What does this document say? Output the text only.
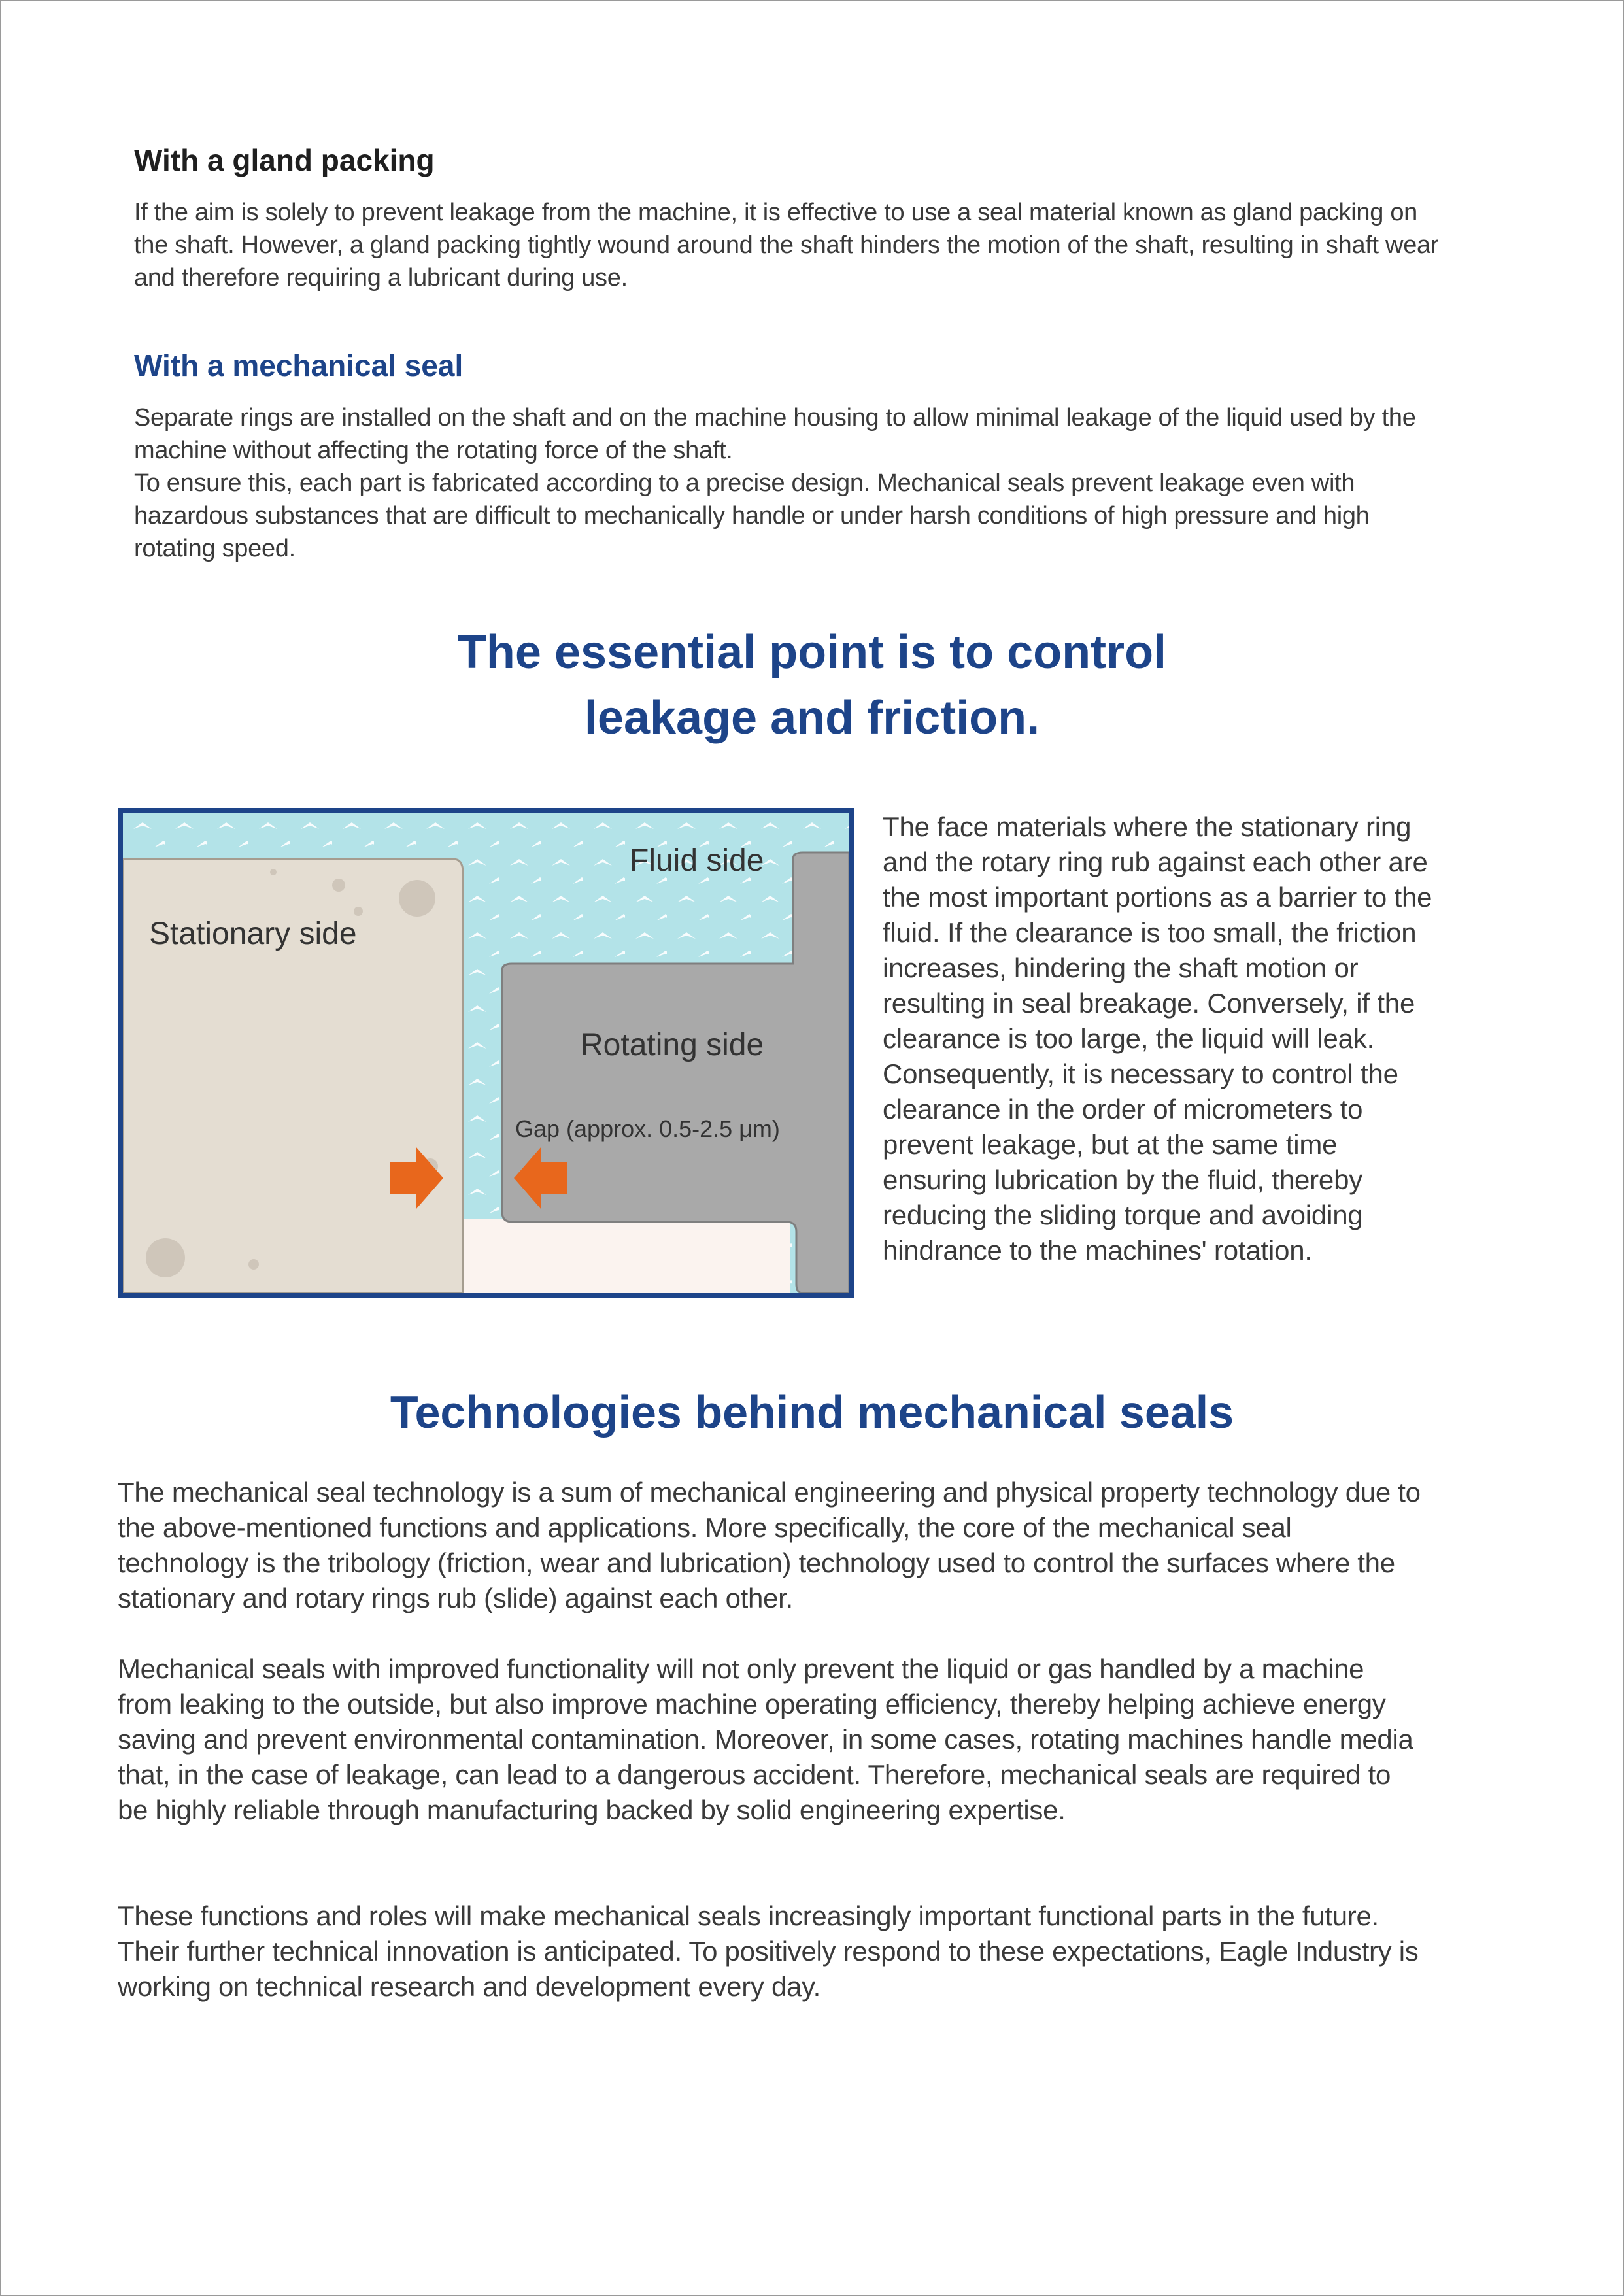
With a gland packing

If the aim is solely to prevent leakage from the machine, it is effective to use a seal material known as gland packing on the shaft. However, a gland packing tightly wound around the shaft hinders the motion of the shaft, resulting in shaft wear and therefore requiring a lubricant during use.

With a mechanical seal

Separate rings are installed on the shaft and on the machine housing to allow minimal leakage of the liquid used by the machine without affecting the rotating force of the shaft.

To ensure this, each part is fabricated according to a precise design. Mechanical seals prevent leakage even with hazardous substances that are difficult to mechanically handle or under harsh conditions of high pressure and high rotating speed.

The essential point is to control
leakage and friction.
Fluid side
Stationary side
Rotating side
Gap (approx. 0.5-2.5 μm)

The face materials where the stationary ring and the rotary ring rub against each other are the most important portions as a barrier to the fluid. If the clearance is too small, the friction increases, hindering the shaft motion or resulting in seal breakage. Conversely, if the clearance is too large, the liquid will leak. Consequently, it is necessary to control the clearance in the order of micrometers to prevent leakage, but at the same time ensuring lubrication by the fluid, thereby reducing the sliding torque and avoiding hindrance to the machines' rotation.

Technologies behind mechanical seals

The mechanical seal technology is a sum of mechanical engineering and physical property technology due to the above-mentioned functions and applications. More specifically, the core of the mechanical seal technology is the tribology (friction, wear and lubrication) technology used to control the surfaces where the stationary and rotary rings rub (slide) against each other.

Mechanical seals with improved functionality will not only prevent the liquid or gas handled by a machine from leaking to the outside, but also improve machine operating efficiency, thereby helping achieve energy saving and prevent environmental contamination. Moreover, in some cases, rotating machines handle media that, in the case of leakage, can lead to a dangerous accident. Therefore, mechanical seals are required to be highly reliable through manufacturing backed by solid engineering expertise.

These functions and roles will make mechanical seals increasingly important functional parts in the future. Their further technical innovation is anticipated. To positively respond to these expectations, Eagle Industry is working on technical research and development every day.
